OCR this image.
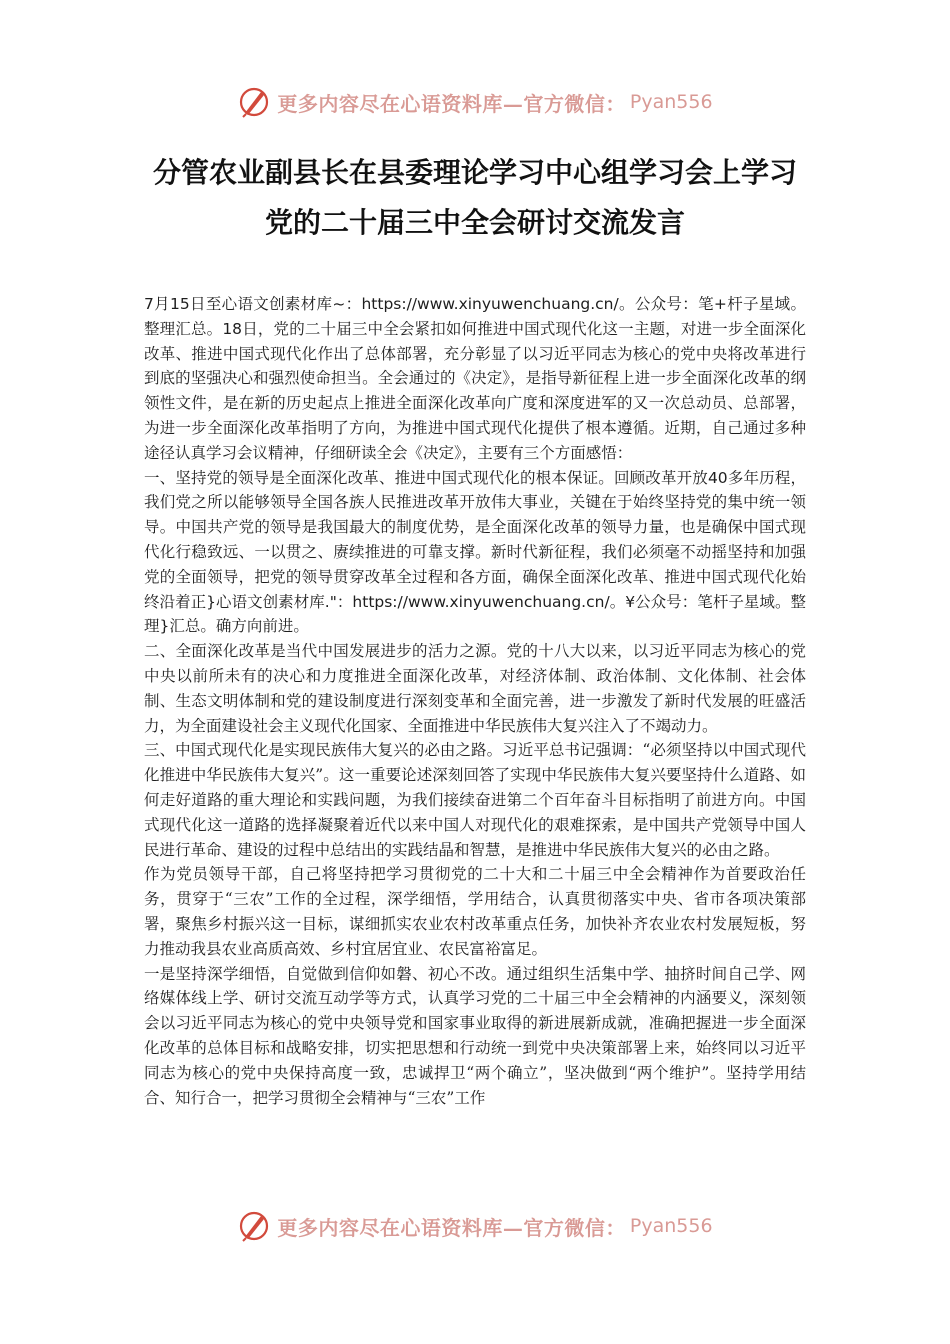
更多内容尽在心语资料库—官方微信： Pyan556
分管农业副县长在县委理论学习中心组学习会上学习
党的二十届三中全会研讨交流发言

7月15日至心语文创素材库~：https://www.xinyuwenchuang.cn/。公众号：笔+杆子星域。整理汇总。18日，党的二十届三中全会紧扣如何推进中国式现代化这一主题，对进一步全面深化改革、推进中国式现代化作出了总体部署，充分彰显了以习近平同志为核心的党中央将改革进行到底的坚强决心和强烈使命担当。全会通过的《决定》，是指导新征程上进一步全面深化改革的纲领性文件，是在新的历史起点上推进全面深化改革向广度和深度进军的又一次总动员、总部署，为进一步全面深化改革指明了方向，为推进中国式现代化提供了根本遵循。近期，自己通过多种途径认真学习会议精神，仔细研读全会《决定》，主要有三个方面感悟：

一、坚持党的领导是全面深化改革、推进中国式现代化的根本保证。回顾改革开放40多年历程，我们党之所以能够领导全国各族人民推进改革开放伟大事业，关键在于始终坚持党的集中统一领导。中国共产党的领导是我国最大的制度优势，是全面深化改革的领导力量，也是确保中国式现代化行稳致远、一以贯之、赓续推进的可靠支撑。新时代新征程，我们必须毫不动摇坚持和加强党的全面领导，把党的领导贯穿改革全过程和各方面，确保全面深化改革、推进中国式现代化始终沿着正}心语文创素材库."：https://www.xinyuwenchuang.cn/。¥公众号：笔杆子星域。整理}汇总。确方向前进。

二、全面深化改革是当代中国发展进步的活力之源。党的十八大以来，以习近平同志为核心的党中央以前所未有的决心和力度推进全面深化改革，对经济体制、政治体制、文化体制、社会体制、生态文明体制和党的建设制度进行深刻变革和全面完善，进一步激发了新时代发展的旺盛活力，为全面建设社会主义现代化国家、全面推进中华民族伟大复兴注入了不竭动力。

三、中国式现代化是实现民族伟大复兴的必由之路。习近平总书记强调：“必须坚持以中国式现代化推进中华民族伟大复兴”。这一重要论述深刻回答了实现中华民族伟大复兴要坚持什么道路、如何走好道路的重大理论和实践问题，为我们接续奋进第二个百年奋斗目标指明了前进方向。中国式现代化这一道路的选择凝聚着近代以来中国人对现代化的艰难探索，是中国共产党领导中国人民进行革命、建设的过程中总结出的实践结晶和智慧，是推进中华民族伟大复兴的必由之路。

作为党员领导干部，自己将坚持把学习贯彻党的二十大和二十届三中全会精神作为首要政治任务，贯穿于“三农”工作的全过程，深学细悟，学用结合，认真贯彻落实中央、省市各项决策部署，聚焦乡村振兴这一目标，谋细抓实农业农村改革重点任务，加快补齐农业农村发展短板，努力推动我县农业高质高效、乡村宜居宜业、农民富裕富足。

一是坚持深学细悟，自觉做到信仰如磐、初心不改。通过组织生活集中学、抽挤时间自己学、网络媒体线上学、研讨交流互动学等方式，认真学习党的二十届三中全会精神的内涵要义，深刻领会以习近平同志为核心的党中央领导党和国家事业取得的新进展新成就，准确把握进一步全面深化改革的总体目标和战略安排，切实把思想和行动统一到党中央决策部署上来，始终同以习近平同志为核心的党中央保持高度一致，忠诚捍卫“两个确立”，坚决做到“两个维护”。坚持学用结合、知行合一，把学习贯彻全会精神与“三农”工作

更多内容尽在心语资料库—官方微信： Pyan556
